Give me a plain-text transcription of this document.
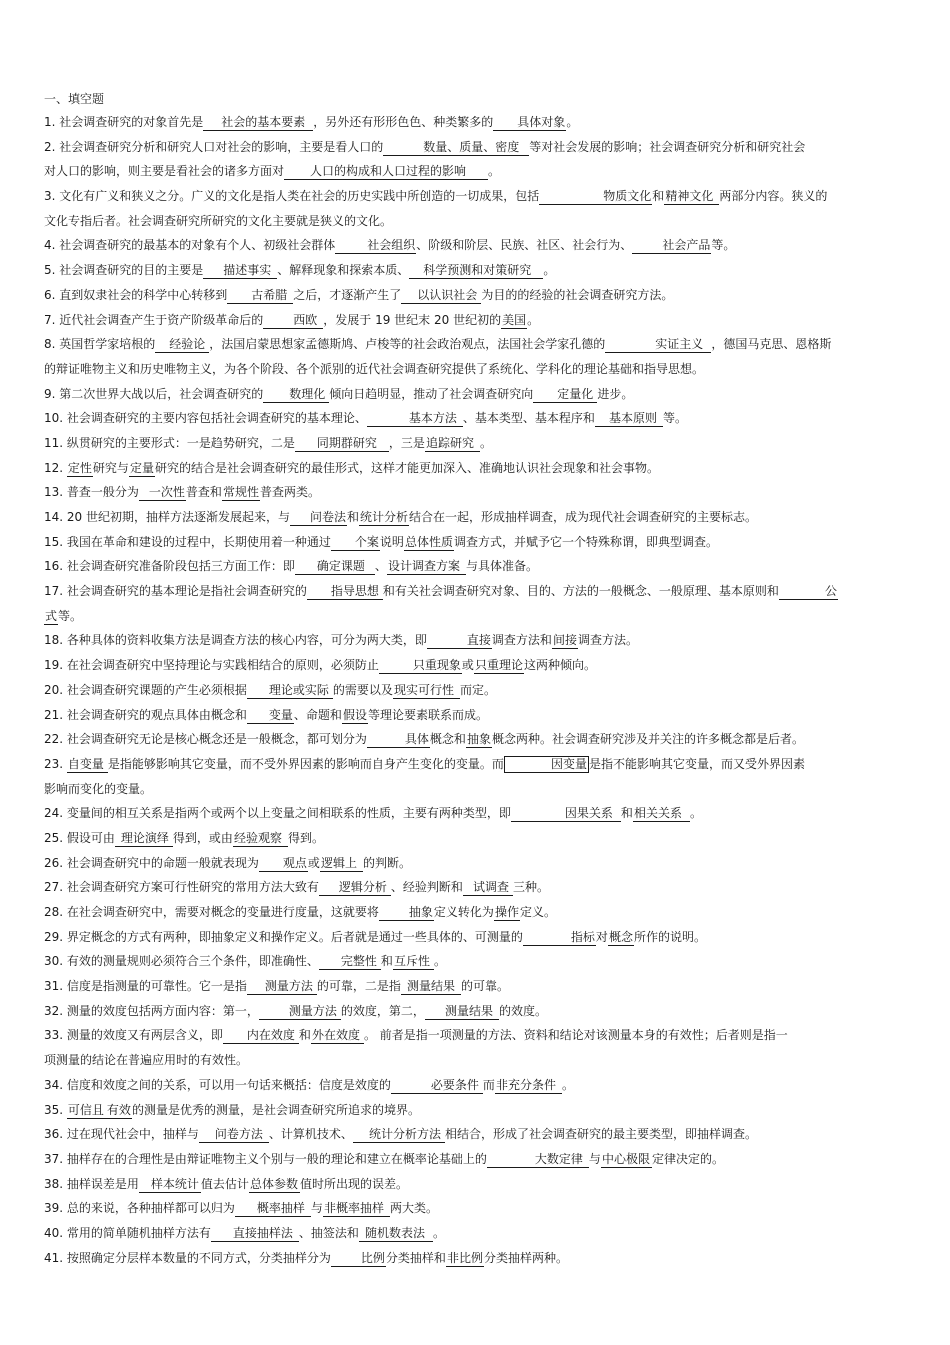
一、填空题
1. 社会调查研究的对象首先是 社会的基本要素 ，另外还有形形色色、种类繁多的 具体对象。
2. 社会调查研究分析和研究人口对社会的影响，主要是看人口的	数量、质量、密度 等对社会发展的影响；社会调查研究分析和研究社会
对人口的影响，则主要是看社会的诸多方面对 人口的构成和人口过程的影响 。
3. 文化有广义和狭义之分。广义的文化是指人类在社会的历史实践中所创造的一切成果，包括	物质文化和精神文化 两部分内容。狭义的
文化专指后者。社会调查研究所研究的文化主要就是狭义的文化。
4. 社会调查研究的最基本的对象有个人、初级社会群体	社会组织、阶级和阶层、民族、社区、社会行为、	社会产品等。
5. 社会调查研究的目的主要是 描述事实 、解释现象和探索本质、 科学预测和对策研究 。
6. 直到奴隶社会的科学中心转移到 古希腊 之后，才逐渐产生了 以认识社会 为目的的经验的社会调查研究方法。
7. 近代社会调查产生于资产阶级革命后的	西欧 ，发展于 19 世纪末 20 世纪初的美国。
8. 英国哲学家培根的 经验论 ，法国启蒙思想家孟德斯鸠、卢梭等的社会政治观点，法国社会学家孔德的	实证主义 ，德国马克思、恩格斯
的辩证唯物主义和历史唯物主义，为各个阶段、各个派别的近代社会调查研究提供了系统化、学科化的理论基础和指导思想。
9. 第二次世界大战以后，社会调查研究的 数理化 倾向日趋明显，推动了社会调查研究向 定量化 进步。
10. 社会调查研究的主要内容包括社会调查研究的基本理论、	基本方法 、基本类型、基本程序和 基本原则 等。
11. 纵贯研究的主要形式：一是趋势研究，二是 同期群研究 ，三是追踪研究 。
12. 定性研究与定量研究的结合是社会调查研究的最佳形式，这样才能更加深入、准确地认识社会现象和社会事物。
13. 普查一般分为 一次性普查和常规性普查两类。
14. 20 世纪初期，抽样方法逐渐发展起来，与 问卷法和统计分析结合在一起，形成抽样调查，成为现代社会调查研究的主要标志。
15. 我国在革命和建设的过程中，长期使用着一种通过 个案说明总体性质调查方式，并赋予它一个特殊称谓，即典型调查。
16. 社会调查研究准备阶段包括三方面工作：即 确定课题 、设计调查方案 与具体准备。
17. 社会调查研究的基本理论是指社会调查研究的 指导思想 和有关社会调查研究对象、目的、方法的一般概念、一般原理、基本原则和	公
式等。
18. 各种具体的资料收集方法是调查方法的核心内容，可分为两大类，即	直接调查方法和间接调查方法。
19. 在社会调查研究中坚持理论与实践相结合的原则，必须防止	只重现象或只重理论这两种倾向。
20. 社会调查研究课题的产生必须根据 理论或实际 的需要以及现实可行性 而定。
21. 社会调查研究的观点具体由概念和 变量、命题和假设等理论要素联系而成。
22. 社会调查研究无论是核心概念还是一般概念，都可划分为	具体概念和抽象概念两种。社会调查研究涉及并关注的许多概念都是后者。
23. 自变量 是指能够影响其它变量，而不受外界因素的影响而自身产生变化的变量。而	因变量 是指不能影响其它变量，而又受外界因素
影响而变化的变量。
24. 变量间的相互关系是指两个或两个以上变量之间相联系的性质，主要有两种类型，即	因果关系 和相关关系 。
25. 假设可由 理论演绎 得到，或由经验观察 得到。
26. 社会调查研究中的命题一般就表现为 观点或逻辑上 的判断。
27. 社会调查研究方案可行性研究的常用方法大致有 逻辑分析 、经验判断和 试调查 三种。
28. 在社会调查研究中，需要对概念的变量进行度量，这就要将	抽象定义转化为操作定义。
29. 界定概念的方式有两种，即抽象定义和操作定义。后者就是通过一些具体的、可测量的	指标对概念所作的说明。
30. 有效的测量规则必须符合三个条件，即准确性、 完整性 和互斥性 。
31. 信度是指测量的可靠性。它一是指 测量方法 的可靠，二是指 测量结果 的可靠。
32. 测量的效度包括两方面内容：第一，	测量方法 的效度，第二， 测量结果 的效度。
33. 测量的效度又有两层含义，即 内在效度 和外在效度 。 前者是指一项测量的方法、资料和结论对该测量本身的有效性；后者则是指一
项测量的结论在普遍应用时的有效性。
34. 信度和效度之间的关系，可以用一句话来概括：信度是效度的	必要条件 而非充分条件 。
35. 可信且 有效的测量是优秀的测量，是社会调查研究所追求的境界。
36. 过在现代社会中，抽样与 问卷方法 、计算机技术、 统计分析方法 相结合，形成了社会调查研究的最主要类型，即抽样调查。
37. 抽样存在的合理性是由辩证唯物主义个别与一般的理论和建立在概率论基础上的	大数定律 与中心极限 定律决定的。
38. 抽样误差是用 样本统计 值去估计总体参数 值时所出现的误差。
39. 总的来说，各种抽样都可以归为 概率抽样 与非概率抽样 两大类。
40. 常用的简单随机抽样方法有 直接抽样法 、抽签法和 随机数表法 。
41. 按照确定分层样本数量的不同方式，分类抽样分为	比例分类抽样和非比例分类抽样两种。
